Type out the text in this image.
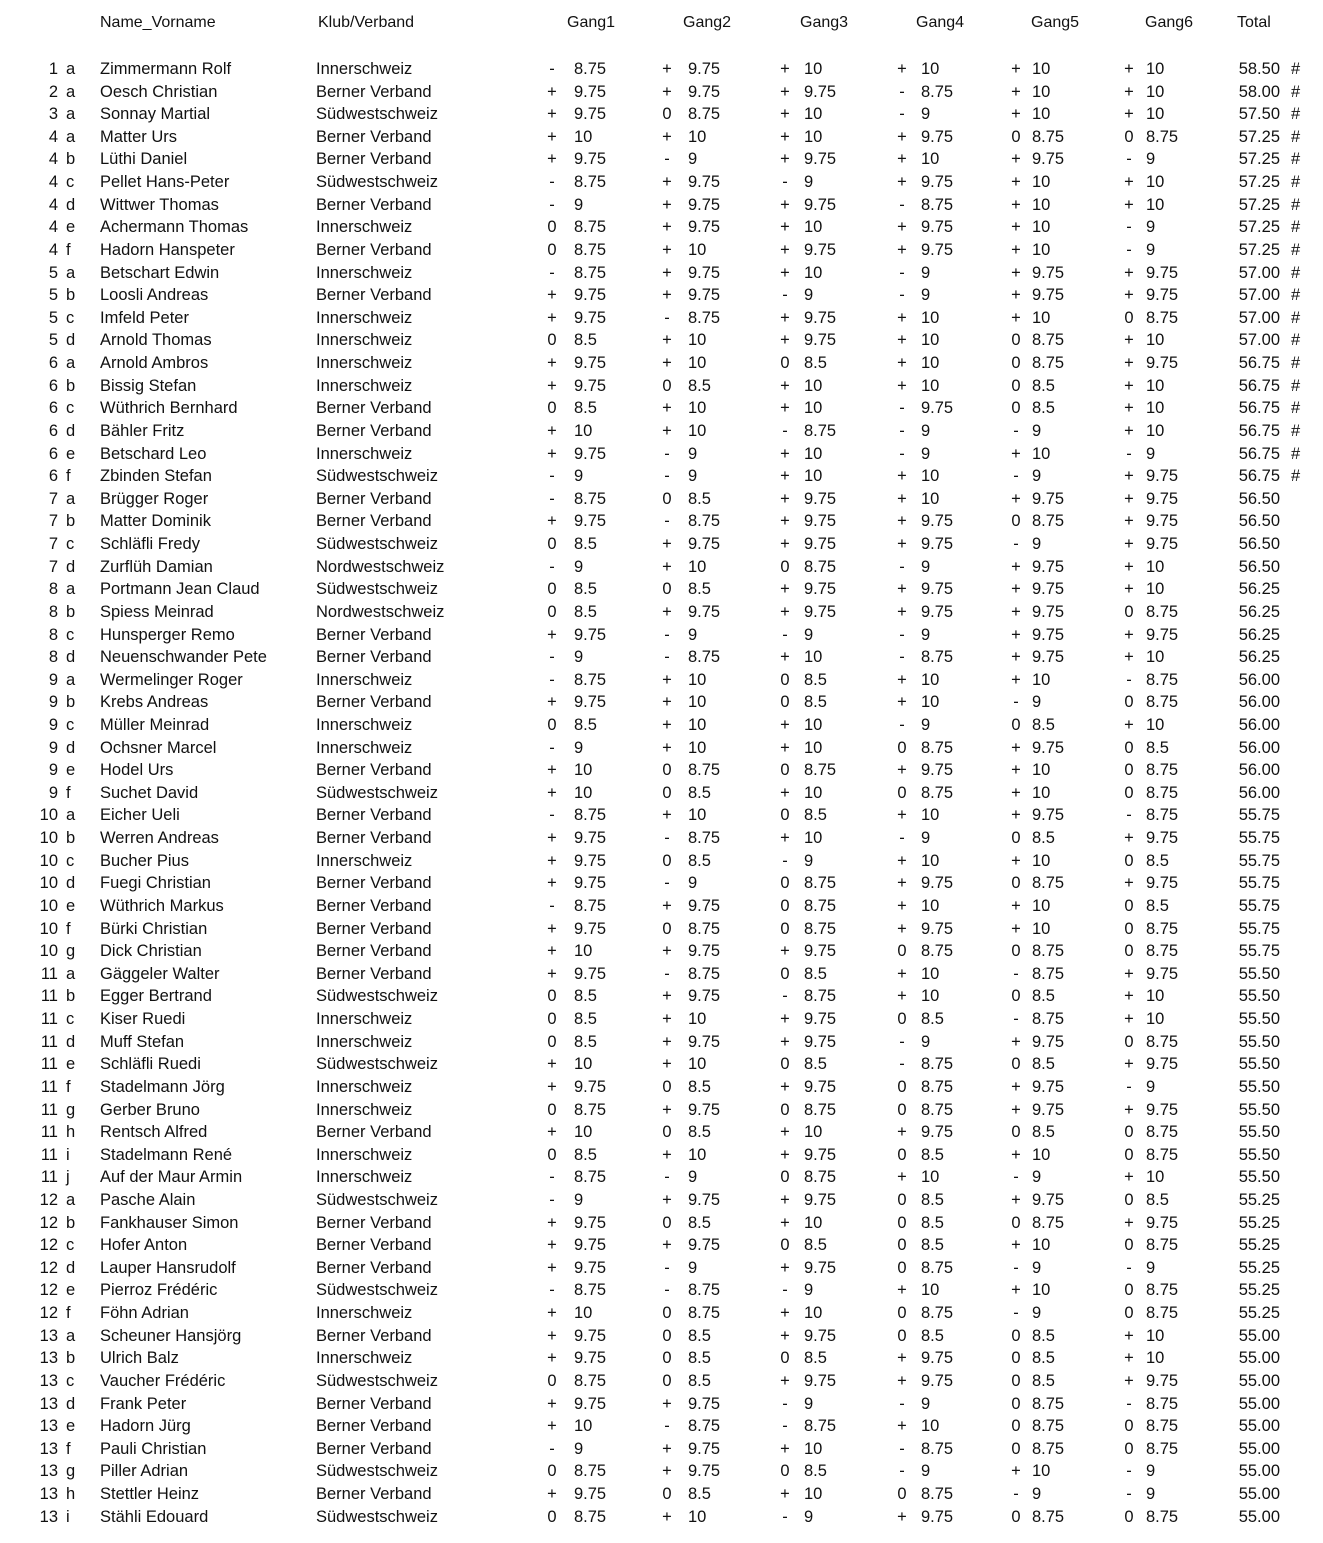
Name_Vorname	Klub/Verband	Gang1	Gang2	Gang3	Gang4	Gang5	Gang6	Total
1 a Zimmermann Rolf	Innerschweiz	- 8.75	+ 9.75	+ 10	+ 10	+ 10	+ 10	58.50 #
2 a Oesch Christian	Berner Verband	+ 9.75	+ 9.75	+ 9.75	- 8.75	+ 10	+ 10	58.00 #
3 a Sonnay Martial	Südwestschweiz	+ 9.75	0 8.75	+ 10	- 9	+ 10	+ 10	57.50 #
4 a Matter Urs	Berner Verband	+ 10	+ 10	+ 10	+ 9.75	0 8.75	0 8.75	57.25 #
4 b Lüthi Daniel	Berner Verband	+ 9.75	- 9	+ 9.75	+ 10	+ 9.75	- 9	57.25 #
4 c	Pellet Hans-Peter	Südwestschweiz	- 8.75	+ 9.75	- 9	+ 9.75	+ 10	+ 10	57.25 #
4 d Wittwer Thomas	Berner Verband	- 9	+ 9.75	+ 9.75	- 8.75	+ 10	+ 10	57.25 #
4 e Achermann Thomas	Innerschweiz	0 8.75	+ 9.75	+ 10	+ 9.75	+ 10	- 9	57.25 #
4 f	Hadorn Hanspeter	Berner Verband	0 8.75	+ 10	+ 9.75	+ 9.75	+ 10	- 9	57.25 #
5 a Betschart Edwin	Innerschweiz	- 8.75	+ 9.75	+ 10	- 9	+ 9.75	+ 9.75	57.00 #
5 b Loosli Andreas	Berner Verband	+ 9.75	+ 9.75	- 9	- 9	+ 9.75	+ 9.75	57.00 #
5 c	Imfeld Peter	Innerschweiz	+ 9.75	- 8.75	+ 9.75	+ 10	+ 10	0 8.75	57.00 #
5 d Arnold Thomas	Innerschweiz	0 8.5	+ 10	+ 9.75	+ 10	0 8.75	+ 10	57.00 #
6 a Arnold Ambros	Innerschweiz	+ 9.75	+ 10	0 8.5	+ 10	0 8.75	+ 9.75	56.75 #
6 b Bissig Stefan	Innerschweiz	+ 9.75	0 8.5	+ 10	+ 10	0 8.5	+ 10	56.75 #
6 c	Wüthrich Bernhard	Berner Verband	0 8.5	+ 10	+ 10	- 9.75	0 8.5	+ 10	56.75 #
6 d Bähler Fritz	Berner Verband	+ 10	+ 10	- 8.75	- 9	- 9	+ 10	56.75 #
6 e Betschard Leo	Innerschweiz	+ 9.75	- 9	+ 10	- 9	+ 10	- 9	56.75 #
6 f	Zbinden Stefan	Südwestschweiz	- 9	- 9	+ 10	+ 10	- 9	+ 9.75	56.75 #
7 a Brügger Roger	Berner Verband	- 8.75	0 8.5	+ 9.75	+ 10	+ 9.75	+ 9.75	56.50
7 b Matter Dominik	Berner Verband	+ 9.75	- 8.75	+ 9.75	+ 9.75	0 8.75	+ 9.75	56.50
7 c	Schläfli Fredy	Südwestschweiz	0 8.5	+ 9.75	+ 9.75	+ 9.75	- 9	+ 9.75	56.50
7 d Zurflüh Damian	Nordwestschweiz	- 9	+ 10	0 8.75	- 9	+ 9.75	+ 10	56.50
8 a Portmann Jean Claud	Südwestschweiz	0 8.5	0 8.5	+ 9.75	+ 9.75	+ 9.75	+ 10	56.25
8 b Spiess Meinrad	Nordwestschweiz	0 8.5	+ 9.75	+ 9.75	+ 9.75	+ 9.75	0 8.75	56.25
8 c	Hunsperger Remo	Berner Verband	+ 9.75	- 9	- 9	- 9	+ 9.75	+ 9.75	56.25
8 d Neuenschwander Pete	Berner Verband	- 9	- 8.75	+ 10	- 8.75	+ 9.75	+ 10	56.25
9 a Wermelinger Roger	Innerschweiz	- 8.75	+ 10	0 8.5	+ 10	+ 10	- 8.75	56.00
9 b Krebs Andreas	Berner Verband	+ 9.75	+ 10	0 8.5	+ 10	- 9	0 8.75	56.00
9 c	Müller Meinrad	Innerschweiz	0 8.5	+ 10	+ 10	- 9	0 8.5	+ 10	56.00
9 d Ochsner Marcel	Innerschweiz	- 9	+ 10	+ 10	0 8.75	+ 9.75	0 8.5	56.00
9 e Hodel Urs	Berner Verband	+ 10	0 8.75	0 8.75	+ 9.75	+ 10	0 8.75	56.00
9 f	Suchet David	Südwestschweiz	+ 10	0 8.5	+ 10	0 8.75	+ 10	0 8.75	56.00
10 a Eicher Ueli	Berner Verband	- 8.75	+ 10	0 8.5	+ 10	+ 9.75	- 8.75	55.75
10 b Werren Andreas	Berner Verband	+ 9.75	- 8.75	+ 10	- 9	0 8.5	+ 9.75	55.75
10 c	Bucher Pius	Innerschweiz	+ 9.75	0 8.5	- 9	+ 10	+ 10	0 8.5	55.75
10 d Fuegi Christian	Berner Verband	+ 9.75	- 9	0 8.75	+ 9.75	0 8.75	+ 9.75	55.75
10 e Wüthrich Markus	Berner Verband	- 8.75	+ 9.75	0 8.75	+ 10	+ 10	0 8.5	55.75
10 f	Bürki Christian	Berner Verband	+ 9.75	0 8.75	0 8.75	+ 9.75	+ 10	0 8.75	55.75
10 g Dick Christian	Berner Verband	+ 10	+ 9.75	+ 9.75	0 8.75	0 8.75	0 8.75	55.75
11 a Gäggeler Walter	Berner Verband	+ 9.75	- 8.75	0 8.5	+ 10	- 8.75	+ 9.75	55.50
11 b Egger Bertrand	Südwestschweiz	0 8.5	+ 9.75	- 8.75	+ 10	0 8.5	+ 10	55.50
11 c	Kiser Ruedi	Innerschweiz	0 8.5	+ 10	+ 9.75	0 8.5	- 8.75	+ 10	55.50
11 d Muff Stefan	Innerschweiz	0 8.5	+ 9.75	+ 9.75	- 9	+ 9.75	0 8.75	55.50
11 e Schläfli Ruedi	Südwestschweiz	+ 10	+ 10	0 8.5	- 8.75	0 8.5	+ 9.75	55.50
11 f	Stadelmann Jörg	Innerschweiz	+ 9.75	0 8.5	+ 9.75	0 8.75	+ 9.75	- 9	55.50
11 g Gerber Bruno	Innerschweiz	0 8.75	+ 9.75	0 8.75	0 8.75	+ 9.75	+ 9.75	55.50
11 h Rentsch Alfred	Berner Verband	+ 10	0 8.5	+ 10	+ 9.75	0 8.5	0 8.75	55.50
11 i	Stadelmann René	Innerschweiz	0 8.5	+ 10	+ 9.75	0 8.5	+ 10	0 8.75	55.50
11 j	Auf der Maur Armin	Innerschweiz	- 8.75	- 9	0 8.75	+ 10	- 9	+ 10	55.50
12 a Pasche Alain	Südwestschweiz	- 9	+ 9.75	+ 9.75	0 8.5	+ 9.75	0 8.5	55.25
12 b Fankhauser Simon	Berner Verband	+ 9.75	0 8.5	+ 10	0 8.5	0 8.75	+ 9.75	55.25
12 c	Hofer Anton	Berner Verband	+ 9.75	+ 9.75	0 8.5	0 8.5	+ 10	0 8.75	55.25
12 d Lauper Hansrudolf	Berner Verband	+ 9.75	- 9	+ 9.75	0 8.75	- 9	- 9	55.25
12 e Pierroz Frédéric	Südwestschweiz	- 8.75	- 8.75	- 9	+ 10	+ 10	0 8.75	55.25
12 f	Föhn Adrian	Innerschweiz	+ 10	0 8.75	+ 10	0 8.75	- 9	0 8.75	55.25
13 a Scheuner Hansjörg	Berner Verband	+ 9.75	0 8.5	+ 9.75	0 8.5	0 8.5	+ 10	55.00
13 b Ulrich Balz	Innerschweiz	+ 9.75	0 8.5	0 8.5	+ 9.75	0 8.5	+ 10	55.00
13 c	Vaucher Frédéric	Südwestschweiz	0 8.75	0 8.5	+ 9.75	+ 9.75	0 8.5	+ 9.75	55.00
13 d Frank Peter	Berner Verband	+ 9.75	+ 9.75	- 9	- 9	0 8.75	- 8.75	55.00
13 e Hadorn Jürg	Berner Verband	+ 10	- 8.75	- 8.75	+ 10	0 8.75	0 8.75	55.00
13 f	Pauli Christian	Berner Verband	- 9	+ 9.75	+ 10	- 8.75	0 8.75	0 8.75	55.00
13 g Piller Adrian	Südwestschweiz	0 8.75	+ 9.75	0 8.5	- 9	+ 10	- 9	55.00
13 h Stettler Heinz	Berner Verband	+ 9.75	0 8.5	+ 10	0 8.75	- 9	- 9	55.00
13 i	Stähli Edouard	Südwestschweiz	0 8.75	+ 10	- 9	+ 9.75	0 8.75	0 8.75	55.00
